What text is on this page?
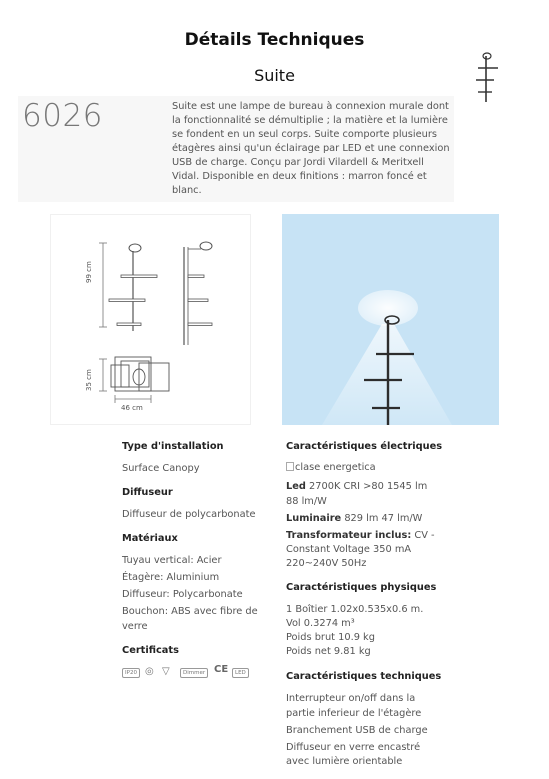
Détails Techniques
Suite
6026	Suite est une lampe de bureau à connexion murale dont la fonctionnalité se démultiplie ; la matière et la lumière se fondent en un seul corps. Suite comporte plusieurs étagères ainsi qu'un éclairage par LED et une connexion USB de charge. Conçu par Jordi Vilardell & Meritxell Vidal. Disponible en deux finitions : marron foncé et blanc.
99 cm
35 cm
46 cm
Type d'installation
Surface Canopy
Diffuseur
Diffuseur de polycarbonate
Matériaux
Tuyau vertical: Acier
Étagère: Aluminium
Diffuseur: Polycarbonate
Bouchon: ABS avec fibre de
verre
Certificats
IP20 ◎ ▽	Dimmer CE	LED
Caractéristiques électriques
clase energetica
Led 2700K CRI >80 1545 lm
88 lm/W
Luminaire 829 lm 47 lm/W
Transformateur inclus: CV -
Constant Voltage 350 mA
220~240V 50Hz
Caractéristiques physiques
1 Boîtier 1.02x0.535x0.6 m.
Vol 0.3274 m³
Poids brut 10.9 kg
Poids net 9.81 kg
Caractéristiques techniques
Interrupteur on/off dans la
partie inferieur de l'étagère
Branchement USB de charge
Diffuseur en verre encastré
avec lumière orientable
